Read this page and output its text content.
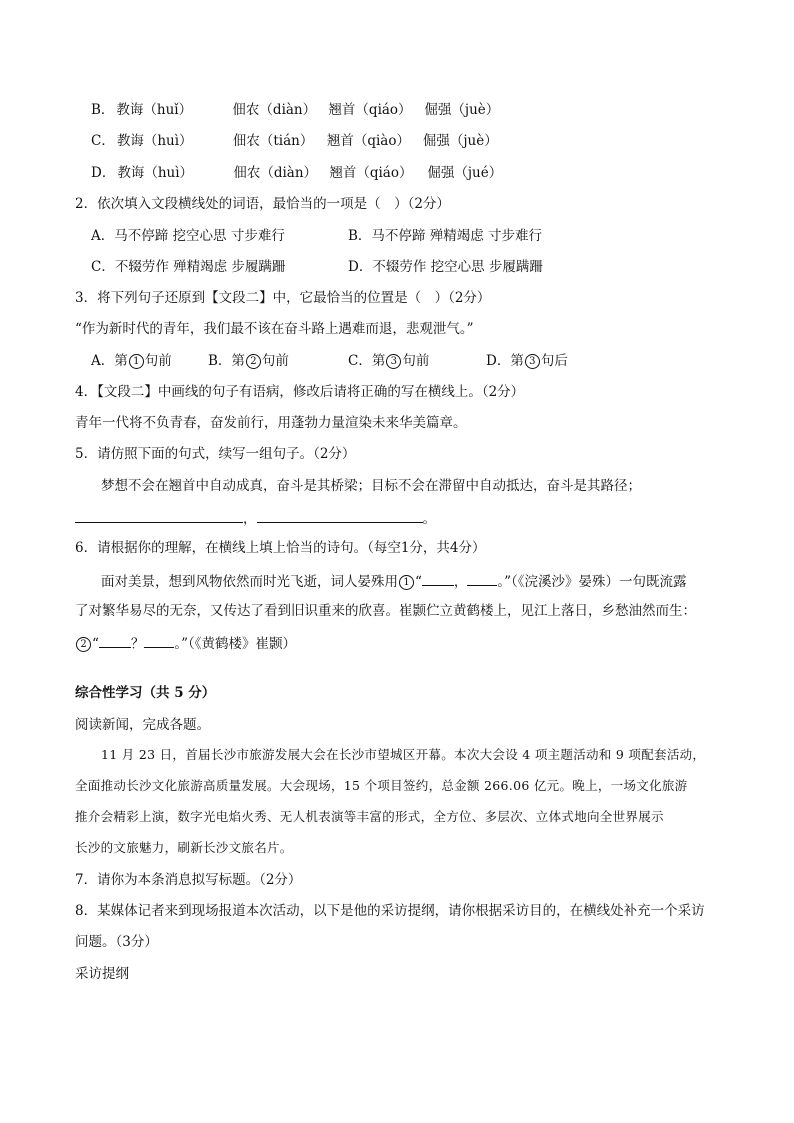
B． 教诲（huǐ）	佃农（diàn） 翘首（qiáo） 倔强（juè）
C． 教诲（huì）	佃农（tián） 翘首（qiào） 倔强（juè）
D． 教诲（huì）	佃农（diàn） 翘首（qiáo） 倔强（jué）
2．依次填入文段横线处的词语，最恰当的一项是（　）（2分）
A．马不停蹄 挖空心思 寸步难行	B．马不停蹄 殚精竭虑 寸步难行
C．不辍劳作 殚精竭虑 步履蹒跚	D．不辍劳作 挖空心思 步履蹒跚
3．将下列句子还原到【文段二】中，它最恰当的位置是（　）（2分）
“作为新时代的青年，我们最不该在奋斗路上遇难而退，悲观泄气。”
A．第 1 句前	B．第 2 句前	C．第 3 句前	D．第 3 句后
4．【文段二】中画线的句子有语病，修改后请将正确的写在横线上。（2分）
青年一代将不负青春，奋发前行，用蓬勃力量渲染未来华美篇章。
5．请仿照下面的句式，续写一组句子。（2分）
梦想不会在翘首中自动成真，奋斗是其桥梁；目标不会在滞留中自动抵达，奋斗是其路径；
，	。
6．请根据你的理解，在横线上填上恰当的诗句。（每空1分，共4分）
面对美景，想到风物依然而时光飞逝，词人晏殊用 1 “ ， 。”（《浣溪沙》晏殊）一句既流露
了对繁华易尽的无奈，又传达了看到旧识重来的欣喜。崔颢伫立黄鹤楼上，见江上落日，乡愁油然而生：
2 “ ？ 。”（《黄鹤楼》崔颢）
综合性学习（共 5 分）
阅读新闻，完成各题。
11 月 23 日，首届长沙市旅游发展大会在长沙市望城区开幕。本次大会设 4 项主题活动和 9 项配套活动，
全面推动长沙文化旅游高质量发展。大会现场，15 个项目签约，总金额 266.06 亿元。晚上，一场文化旅游
推介会精彩上演，数字光电焰火秀、无人机表演等丰富的形式，全方位、多层次、立体式地向全世界展示
长沙的文旅魅力，刷新长沙文旅名片。
7．请你为本条消息拟写标题。（2分）
8．某媒体记者来到现场报道本次活动，以下是他的采访提纲，请你根据采访目的，在横线处补充一个采访
问题。（3分）
采访提纲
